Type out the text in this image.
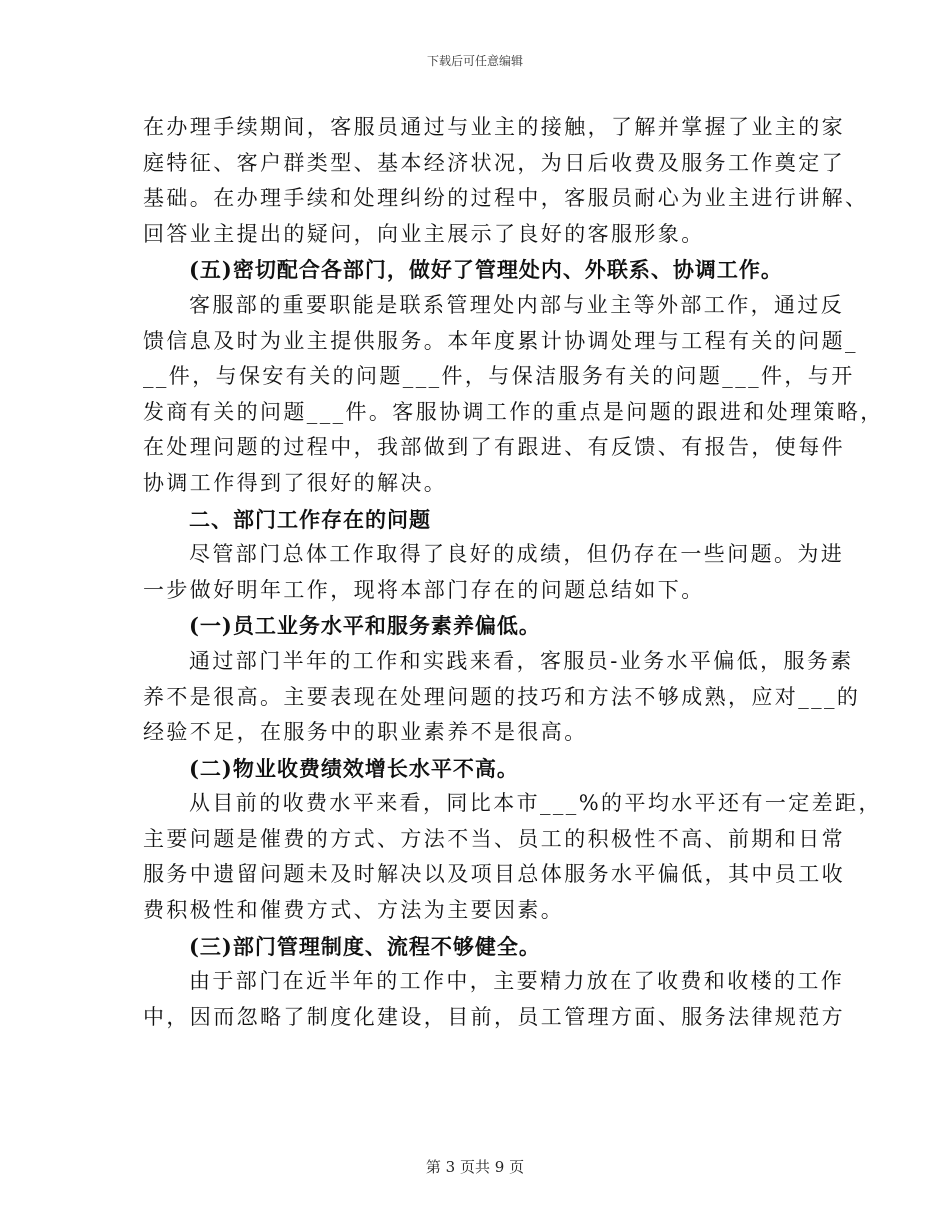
下载后可任意编辑

在办理手续期间，客服员通过与业主的接触，了解并掌握了业主的家

庭特征、客户群类型、基本经济状况，为日后收费及服务工作奠定了

基础。在办理手续和处理纠纷的过程中，客服员耐心为业主进行讲解、

回答业主提出的疑问，向业主展示了良好的客服形象。

(五)密切配合各部门，做好了管理处内、外联系、协调工作。

客服部的重要职能是联系管理处内部与业主等外部工作，通过反

馈信息及时为业主提供服务。本年度累计协调处理与工程有关的问题_

__件，与保安有关的问题___件，与保洁服务有关的问题___件，与开

发商有关的问题___件。客服协调工作的重点是问题的跟进和处理策略，

在处理问题的过程中，我部做到了有跟进、有反馈、有报告，使每件

协调工作得到了很好的解决。

二、部门工作存在的问题

尽管部门总体工作取得了良好的成绩，但仍存在一些问题。为进

一步做好明年工作，现将本部门存在的问题总结如下。

(一)员工业务水平和服务素养偏低。

通过部门半年的工作和实践来看，客服员-业务水平偏低，服务素

养不是很高。主要表现在处理问题的技巧和方法不够成熟，应对___的

经验不足，在服务中的职业素养不是很高。

(二)物业收费绩效增长水平不高。

从目前的收费水平来看，同比本市___%的平均水平还有一定差距，

主要问题是催费的方式、方法不当、员工的积极性不高、前期和日常

服务中遗留问题未及时解决以及项目总体服务水平偏低，其中员工收

费积极性和催费方式、方法为主要因素。

(三)部门管理制度、流程不够健全。

由于部门在近半年的工作中，主要精力放在了收费和收楼的工作

中，因而忽略了制度化建设，目前，员工管理方面、服务法律规范方

第 3 页共 9 页
